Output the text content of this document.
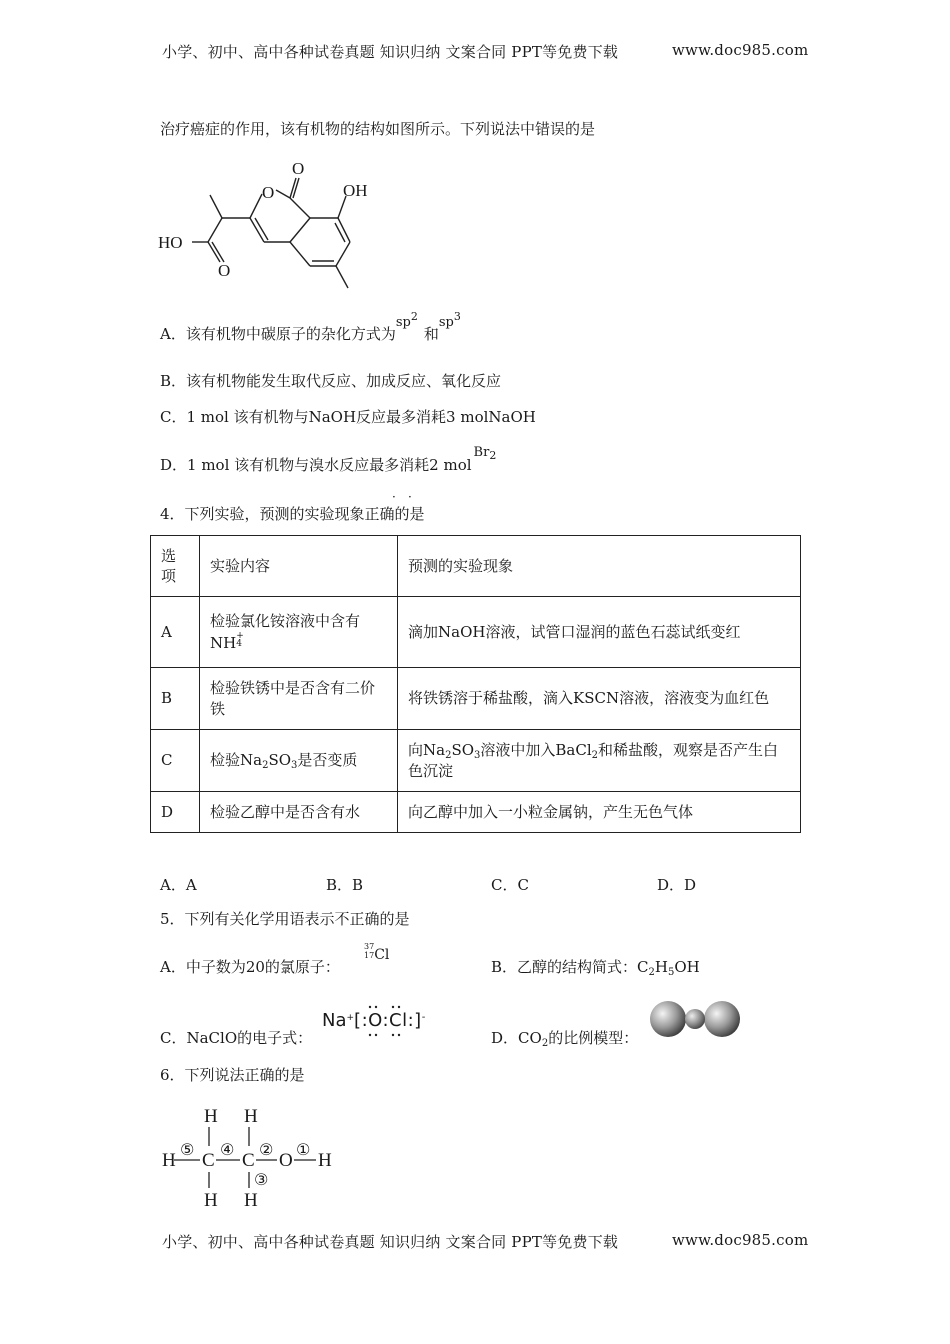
小学、初中、高中各种试卷真题 知识归纳 文案合同 PPT等免费下载	www.doc985.com
治疗癌症的作用，该有机物的结构如图所示。下列说法中错误的是
HO
O
O
O
OH
A．该有机物中碳原子的杂化方式为$sp^2$和$sp^3$
B．该有机物能发生取代反应、加成反应、氧化反应
C．1 mol 该有机物与NaOH反应最多消耗3 molNaOH
D．1 mol 该有机物与溴水反应最多消耗2 molBr$_2$
4．下列实验，预测的实验现象正确的是
· ·
选项	实验内容	预测的实验现象
A	检验氯化铵溶液中含有
NH+
4	滴加NaOH溶液，试管口湿润的蓝色石蕊试纸变红
B	检验铁锈中是否含有二价铁	将铁锈溶于稀盐酸，滴入KSCN溶液，溶液变为血红色
C	检验$Na_2SO_3$是否变质	向$Na_2SO_3$溶液中加入BaCl$_2$和稀盐酸，观察是否产生白色沉淀
D	检验乙醇中是否含有水	向乙醇中加入一小粒金属钠，产生无色气体
A．A	B．B	C．C	D．D
5．下列有关化学用语表示不正确的是
A．中子数为20的氯原子：
37
17Cl
B．乙醇的结构简式：$C_2H_5OH$
C．NaClO的电子式：
Na+[:O:Cl:]-
D．$CO_2$的比例模型：
6．下列说法正确的是
H H
H C C O H
H H
⑤ ④ ② ①
③
小学、初中、高中各种试卷真题 知识归纳 文案合同 PPT等免费下载	www.doc985.com
